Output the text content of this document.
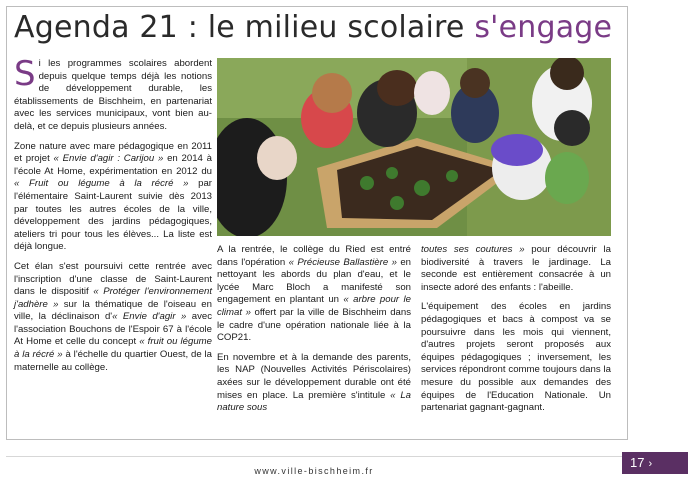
Agenda 21 : le milieu scolaire s'engage

Si les programmes scolaires abordent depuis quelque temps déjà les notions de développement durable, les établissements de Bischheim, en partenariat avec les services municipaux, vont bien au-delà, et ce depuis plusieurs années.

Zone nature avec mare pédagogique en 2011 et projet « Envie d'agir : Carijou » en 2014 à l'école At Home, expérimentation en 2012 du « Fruit ou légume à la récré » par l'élémentaire Saint-Laurent suivie dès 2013 par toutes les autres écoles de la ville, développement des jardins pédagogiques, ateliers tri pour tous les élèves... La liste est déjà longue.

Cet élan s'est poursuivi cette rentrée avec l'inscription d'une classe de Saint-Laurent dans le dispositif « Protéger l'environnement j'adhère » sur la thématique de l'oiseau en ville, la déclinaison d'« Envie d'agir » avec l'association Bouchons de l'Espoir 67 à l'école At Home et celle du concept « fruit ou légume à la récré » à l'échelle du quartier Ouest, de la maternelle au collège.

A la rentrée, le collège du Ried est entré dans l'opération « Précieuse Ballastière » en nettoyant les abords du plan d'eau, et le lycée Marc Bloch a manifesté son engagement en plantant un « arbre pour le climat » offert par la ville de Bischheim dans le cadre d'une opération nationale liée à la COP21.

En novembre et à la demande des parents, les NAP (Nouvelles Activités Périscolaires) axées sur le développement durable ont été mises en place. La première s'intitule « La nature sous

toutes ses coutures » pour découvrir la biodiversité à travers le jardinage. La seconde est entièrement consacrée à un insecte adoré des enfants : l'abeille.

L'équipement des écoles en jardins pédagogiques et bacs à compost va se poursuivre dans les mois qui viennent, d'autres projets seront proposés aux équipes pédagogiques ; inversement, les services répondront comme toujours dans la mesure du possible aux demandes des équipes de l'Education Nationale. Un partenariat gagnant-gagnant.

www.ville-bischheim.fr
17 ›
